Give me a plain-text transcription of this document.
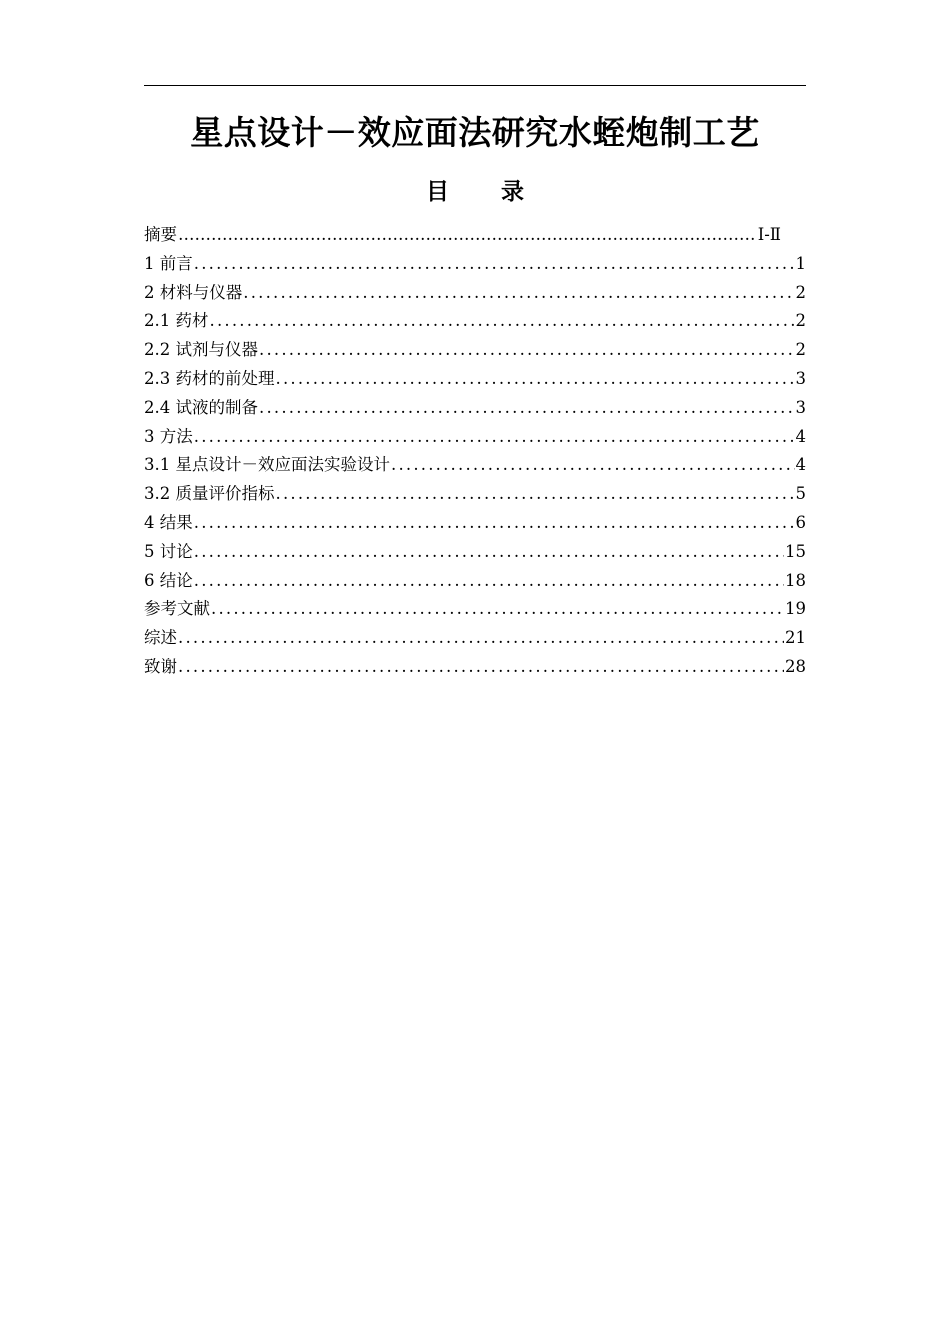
星点设计－效应面法研究水蛭炮制工艺
目 录
摘要 ………………………………………………………………………………………………………………	Ⅰ-Ⅱ
1 前言 .....	1
2 材料与仪器 .....	2
2.1 药材 .....	2
2.2 试剂与仪器 .....	2
2.3 药材的前处理 .....	3
2.4 试液的制备 .....	3
3 方法 .....	4
3.1 星点设计－效应面法实验设计 .....	4
3.2 质量评价指标 .....	5
4 结果 .....	6
5 讨论 .....	15
6 结论 .....	18
参考文献 .....	19
综述 .....	21
致谢 .....	28
